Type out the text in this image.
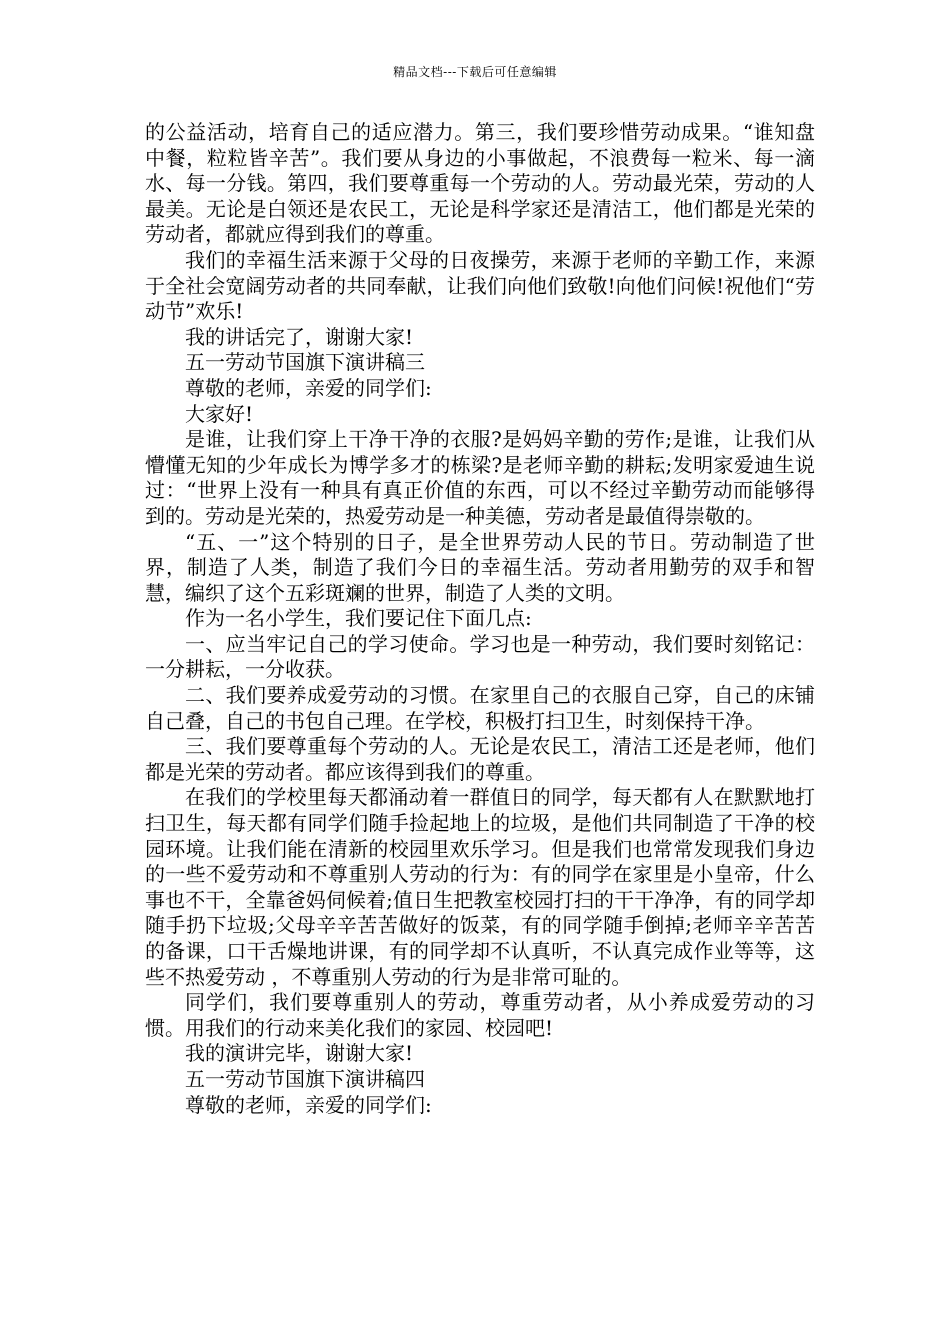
精品文档---下载后可任意编辑

的公益活动，培育自己的适应潜力。第三，我们要珍惜劳动成果。“谁知盘中餐，粒粒皆辛苦”。我们要从身边的小事做起，不浪费每一粒米、每一滴水、每一分钱。第四，我们要尊重每一个劳动的人。劳动最光荣，劳动的人最美。无论是白领还是农民工，无论是科学家还是清洁工，他们都是光荣的劳动者，都就应得到我们的尊重。

我们的幸福生活来源于父母的日夜操劳，来源于老师的辛勤工作，来源于全社会宽阔劳动者的共同奉献，让我们向他们致敬!向他们问候!祝他们“劳动节”欢乐!

我的讲话完了，谢谢大家!

五一劳动节国旗下演讲稿三

尊敬的老师，亲爱的同学们:

大家好!

是谁，让我们穿上干净干净的衣服?是妈妈辛勤的劳作;是谁，让我们从懵懂无知的少年成长为博学多才的栋梁?是老师辛勤的耕耘;发明家爱迪生说过：“世界上没有一种具有真正价值的东西，可以不经过辛勤劳动而能够得到的。劳动是光荣的，热爱劳动是一种美德，劳动者是最值得崇敬的。

“五、一”这个特别的日子，是全世界劳动人民的节日。劳动制造了世界，制造了人类，制造了我们今日的幸福生活。劳动者用勤劳的双手和智慧，编织了这个五彩斑斓的世界，制造了人类的文明。

作为一名小学生，我们要记住下面几点:

一、应当牢记自己的学习使命。学习也是一种劳动，我们要时刻铭记：一分耕耘，一分收获。

二、我们要养成爱劳动的习惯。在家里自己的衣服自己穿，自己的床铺自己叠，自己的书包自己理。在学校，积极打扫卫生，时刻保持干净。

三、我们要尊重每个劳动的人。无论是农民工，清洁工还是老师，他们都是光荣的劳动者。都应该得到我们的尊重。

在我们的学校里每天都涌动着一群值日的同学，每天都有人在默默地打扫卫生，每天都有同学们随手捡起地上的垃圾，是他们共同制造了干净的校园环境。让我们能在清新的校园里欢乐学习。但是我们也常常发现我们身边的一些不爱劳动和不尊重别人劳动的行为：有的同学在家里是小皇帝，什么事也不干，全靠爸妈伺候着;值日生把教室校园打扫的干干净净，有的同学却随手扔下垃圾;父母辛辛苦苦做好的饭菜，有的同学随手倒掉;老师辛辛苦苦的备课，口干舌燥地讲课，有的同学却不认真听，不认真完成作业等等，这些不热爱劳动 ，不尊重别人劳动的行为是非常可耻的。

同学们，我们要尊重别人的劳动，尊重劳动者，从小养成爱劳动的习惯。用我们的行动来美化我们的家园、校园吧!

我的演讲完毕，谢谢大家!

五一劳动节国旗下演讲稿四

尊敬的老师，亲爱的同学们:
